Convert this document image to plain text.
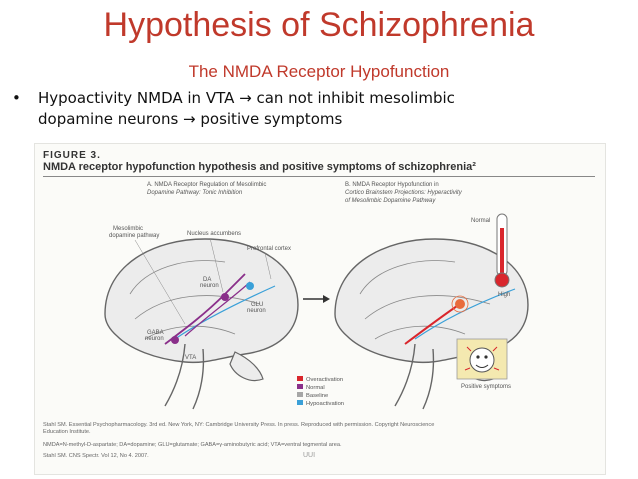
Hypothesis of Schizophrenia
The NMDA Receptor Hypofunction
• Hypoactivity NMDA in VTA → can not inhibit mesolimbic
dopamine neurons → positive symptoms
FIGURE 3.
NMDA receptor hypofunction hypothesis and positive symptoms of schizophrenia²
A. NMDA Receptor Regulation of Mesolimbic
Dopamine Pathway: Tonic Inhibition
B. NMDA Receptor Hypofunction in
Cortico Brainstem Projections: Hyperactivity
of Mesolimbic Dopamine Pathway
Mesolimbic
dopamine pathway	Nucleus accumbens
Prefrontal cortex
DA
neuron
GLU
neuron
GABA
neuron
VTA
Normal
High
Positive symptoms
Overactivation
Normal
Baseline
Hypoactivation
Stahl SM. Essential Psychopharmacology. 3rd ed. New York, NY: Cambridge University Press. In press. Reproduced with permission. Copyright Neuroscience
Education Institute.
NMDA=N-methyl-D-aspartate; DA=dopamine; GLU=glutamate; GABA=γ-aminobutyric acid; VTA=ventral tegmental area.
Stahl SM. CNS Spectr. Vol 12, No 4. 2007.	UUI
